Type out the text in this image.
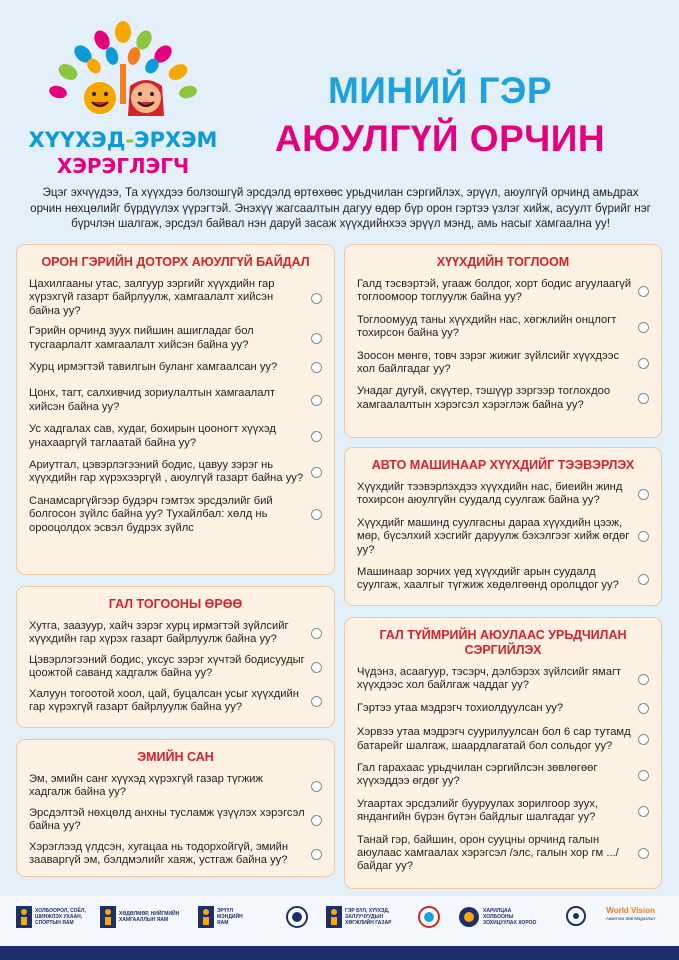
ХҮҮХЭД-ЭРХЭМ
ХЭРЭГЛЭГЧ
МИНИЙ ГЭР
АЮУЛГҮЙ ОРЧИН
Эцэг эхчүүдээ, Та хүүхдээ болзошгүй эрсдэлд өртөхөөс урьдчилан сэргийлэх, эрүүл, аюулгүй орчинд амьдрах орчин нөхцөлийг бүрдүүлэх үүрэгтэй. Энэхүү жагсаалтын дагуу өдөр бүр орон гэртээ үзлэг хийж, асуулт бүрийг нэг бүрчлэн шалгаж, эрсдэл байвал нэн даруй засаж хүүхдийнхээ эрүүл мэнд, амь насыг хамгаална уу!
ОРОН ГЭРИЙН ДОТОРХ АЮУЛГҮЙ БАЙДАЛ
Цахилгааны утас, залгуур зэргийг хүүхдийн гар хүрэхгүй газарт байрлуулж, хамгаалалт хийсэн байна уу?
Гэрийн орчинд зуух пийшин ашигладаг бол тусгаарлалт хамгаалалт хийсэн байна уу?
Хурц ирмэгтэй тавилгын буланг хамгаалсан уу?
Цонх, тагт, салхивчид зориулалтын хамгаалалт хийсэн байна уу?
Ус хадгалах сав, худаг, бохирын цооногт хүүхэд унахааргүй таглаатай байна уу?
Ариутгал, цэвэрлэгээний бодис, цавуу зэрэг нь хүүхдийн гар хүрэхээргүй , аюулгүй газарт байна уу?
Санамсаргүйгээр будэрч гэмтэх эрсдэлийг бий болгосон зүйлс байна уу? Тухайлбал: хөлд нь орооцолдох эсвэл будрэх зүйлс
ГАЛ ТОГООНЫ ӨРӨӨ
Хутга, заазуур, хайч зэрэг хурц ирмэгтэй зүйлсийг хүүхдийн гар хүрэх газарт байрлуулж байна уу?
Цэвэрлэгээний бодис, уксус зэрэг хүчтэй бодисуудыг цоожтой саванд хадгалж байна уу?
Халуун тогоотой хоол, цай, буцалсан усыг хүүхдийн гар хүрэхгүй газарт байрлуулж байна уу?
ЭМИЙН САН
Эм, эмийн санг хүүхэд хүрэхгүй газар түгжиж хадгалж байна уу?
Эрсдэлтэй нөхцөлд анхны тусламж үзүүлэх хэрэгсэл байна уу?
Хэрэглээд үлдсэн, хугацаа нь тодорхойгүй, эмийн зааваргүй эм, бэлдмэлийг хаяж, устгаж байна уу?
ХҮҮХДИЙН ТОГЛООМ
Галд тэсвэртэй, угааж болдог, хорт бодис агуулаагүй тоглоомоор тоглуулж байна уу?
Тоглоомууд таны хүүхдийн нас, хөгжлийн онцлогт тохирсон байна уу?
Зоосон мөнгө, товч зэрэг жижиг зүйлсийг хүүхдээс хол байлгадаг уу?
Унадаг дугуй, скүүтер, тэшүүр зэргээр тоглохдоо хамгаалалтын хэрэгсэл хэрэглэж байна уу?
АВТО МАШИНААР ХҮҮХДИЙГ ТЭЭВЭРЛЭХ
Хүүхдийг тээвэрлэхдээ хүүхдийн нас, биеийн жинд тохирсон аюулгүйн суудалд суулгаж байна уу?
Хүүхдийг машинд суулгасны дараа хүүхдийн цээж, мөр, бүсэлхий хэсгийг даруулж бэхэлгээг хийж өгдөг уу?
Машинаар зорчих үед хүүхдийг арын суудалд суулгаж, хаалгыг түгжиж хөдөлгөөнд оролцдог уу?
ГАЛ ТҮЙМРИЙН АЮУЛААС УРЬДЧИЛАН СЭРГИЙЛЭХ
Чүдэнз, асаагуур, тэсэрч, дэлбэрэх зүйлсийг ямагт хүүхдээс хол байлгаж чаддаг уу?
Гэртээ утаа мэдрэгч тохиолдуулсан уу?
Хэрвээ утаа мэдрэгч суурилуулсан бол 6 сар тутамд батарейг шалгаж, шаардлагатай бол сольдог уу?
Гал гарахаас урьдчилан сэргийлсэн зөвлөгөөг хүүхэддээ өгдөг уу?
Угаартах эрсдэлийг бууруулах зорилгоор зуух, яндангийн бүрэн бүтэн байдлыг шалгадаг уу?
Танай гэр, байшин, орон сууцны орчинд галын аюулаас хамгаалах хэрэгсэл /элс, галын хор гм .../ байдаг уу?
ХОЛБООРОЛ, СОЁЛ, ШИНЖЛЭХ УХААН, СПОРТЫН ЯАМ
ХӨДӨЛМӨР, НИЙГМИЙН ХАМГААЛЛЫН ЯАМ
ЭРҮҮЛ МЭНДИЙН ЯАМ
ГЭР БҮЛ, ХҮҮХЭД, ЗАЛУУЧУУДЫН ХӨГЖЛИЙН ГАЗАР
ХАРИЛЦАА ХОЛБООНЫ ЗОХИЦУУЛАХ ХОРОО
World Vision
Ажилтан Зөв Мэдээлэл
